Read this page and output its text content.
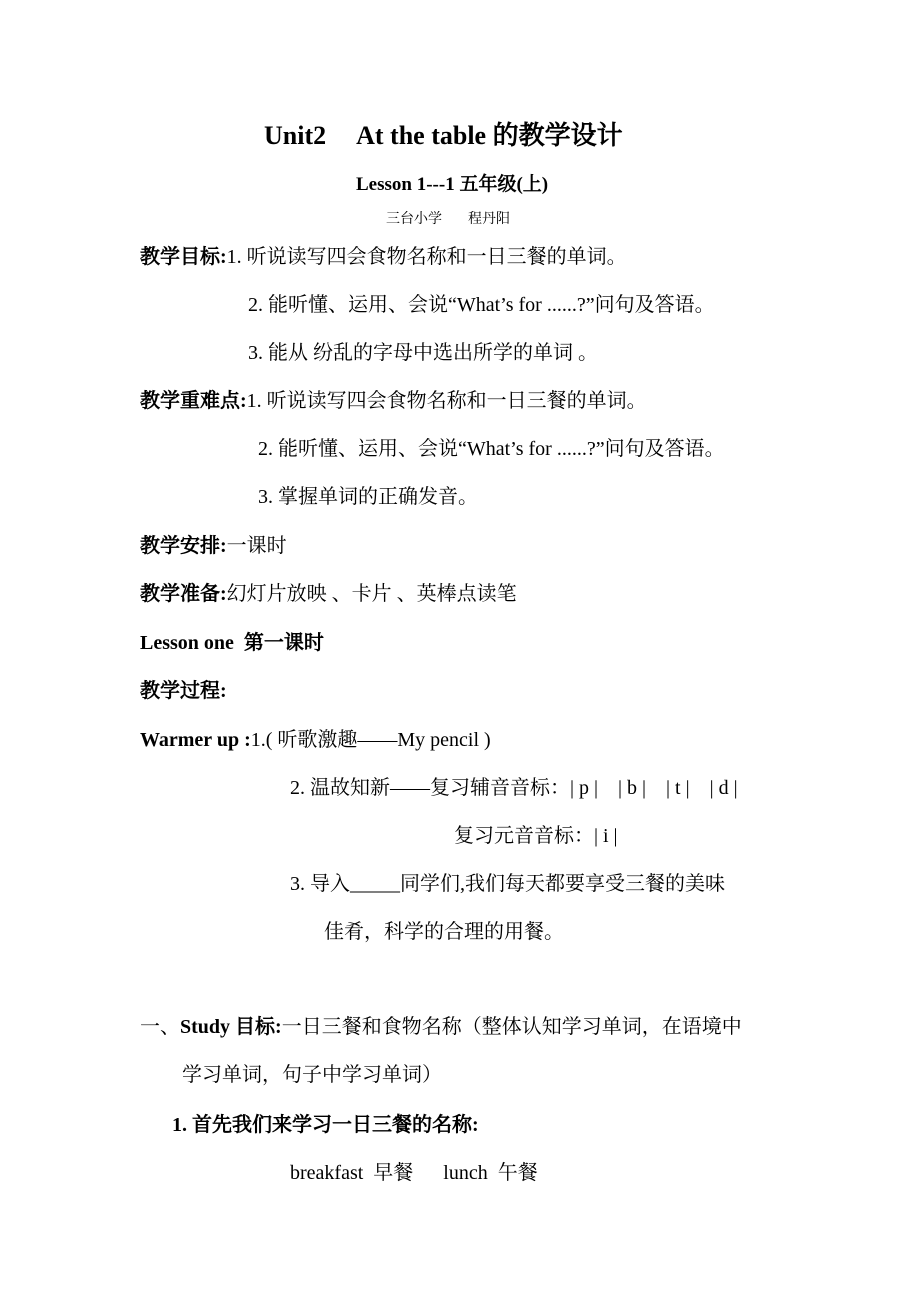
Unit2 At the table 的教学设计
Lesson 1---1 五年级(上)
三台小学 程丹阳
教学目标:1. 听说读写四会食物名称和一日三餐的单词。
2. 能听懂、运用、会说“What’s for ......?”问句及答语。
3. 能从 纷乱的字母中选出所学的单词 。
教学重难点:1. 听说读写四会食物名称和一日三餐的单词。
2. 能听懂、运用、会说“What’s for ......?”问句及答语。
3. 掌握单词的正确发音。
教学安排:一课时
教学准备:幻灯片放映 、卡片 、英棒点读笔
Lesson one  第一课时
教学过程:
Warmer up :1.( 听歌激趣——My pencil )
2. 温故知新——复习辅音音标：| p |    | b |    | t |    | d |
复习元音音标：| i |
3. 导入_____同学们,我们每天都要享受三餐的美味
佳肴，科学的合理的用餐。
一、Study 目标:一日三餐和食物名称（整体认知学习单词，在语境中
学习单词，句子中学习单词）
1. 首先我们来学习一日三餐的名称:
breakfast  早餐      lunch  午餐
